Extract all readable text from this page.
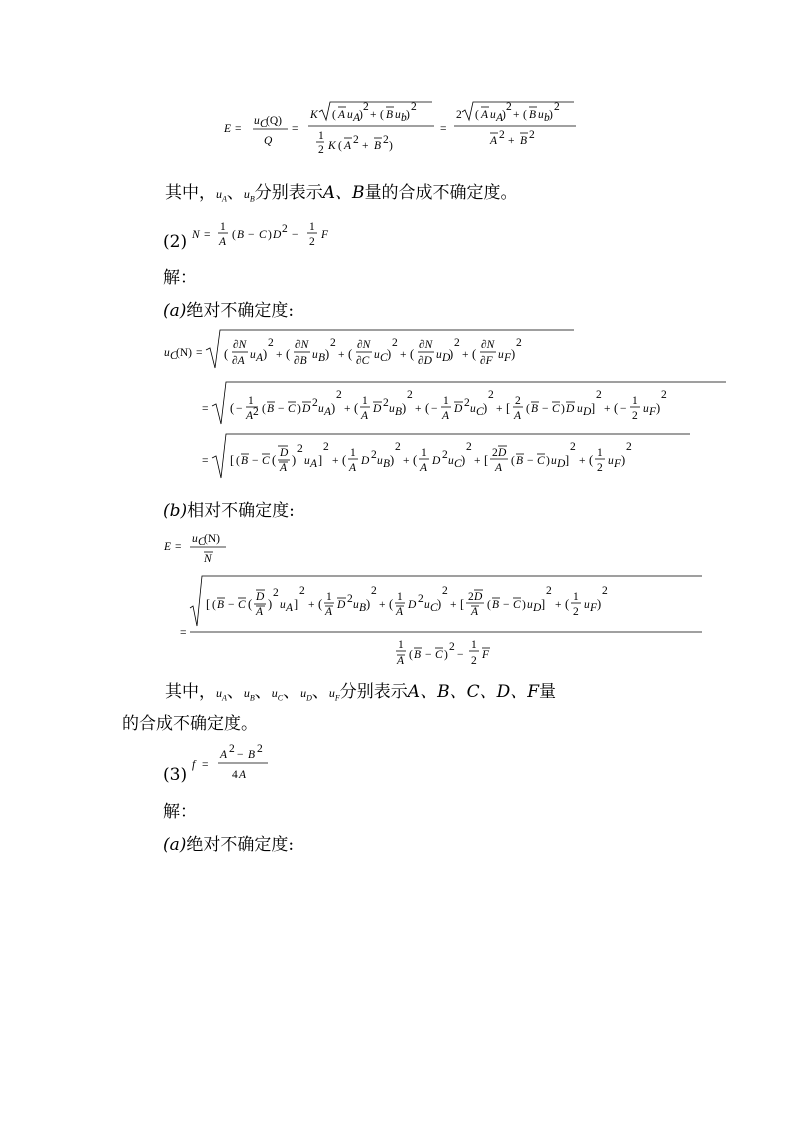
E =
u C
(Q)
Q
=
K ( A u A
)
2
+ ( B u b )
2
1
2 K ( A 2 + B 2 )
=
2 ( A u A
)
2
+ ( B u b )
2
A 2 + B 2
其中，$u_A$、$u_B$分别表示A、B量的合成不确定度。
(2) N =
1
A
( B − C ) D 2 −
1
2
F
解：
(a)绝对不确定度:
u C
(N) = (
∂N
∂A u A )
2
+ (
∂N
∂B u B )
2
+ (
∂N
∂C u C )
2
+ (
∂N
∂D u D
)
2
+ (
∂N
∂F u F )
2
= ( −
1
A 2 ( B − C ) D 2 u A )
2
+ ( 1
A
D 2 u B )
2
+ ( −
1
A
D 2 u C )
2
+ [ 2
A
( B − C ) D u D ]
2
+ ( −
1
2
u F )
2
= [ ( B − C ( D
A
)
2
u A ]
2
+ ( 1
A
D 2 u B )
2
+ ( 1
A
D 2 u C )
2
+ [ 2 D
A
( B − C ) u D ]
2
+ ( 1
2
u F )
2
(b)相对不确定度:
E =
u C
(N)
N
=
[ ( B − C ( D
A
)
2
u A ]
2
+ ( 1
A
D 2 u B )
2
+ ( 1
A
D 2 u C )
2
+ [ 2 D
A
( B − C ) u D ]
2
+ ( 1
2
u F )
2
1
A ( B − C )
2
−
1
2 F
其中，$u_A$、$u_B$、$u_C$、$u_D$、$u_F$分别表示A、B、C、D、F量
的合成不确定度。
(3) f =
A 2 − B 2
4 A
解：
(a)绝对不确定度:
